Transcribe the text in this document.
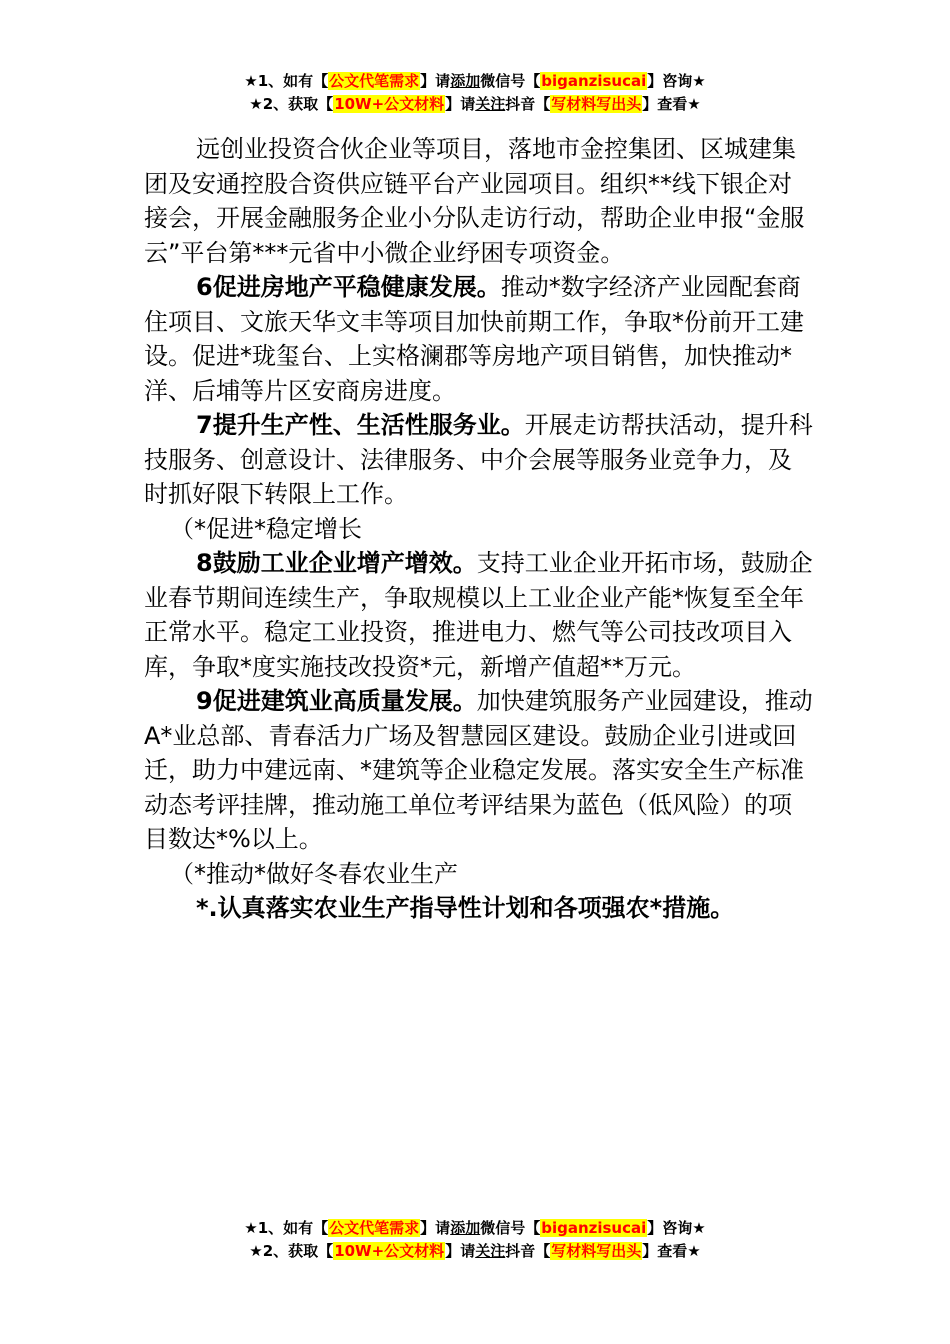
★1、如有【公文代笔需求】请添加微信号【biganzisucai】咨询★
★2、获取【10W+公文材料】请关注抖音【写材料写出头】查看★

远创业投资合伙企业等项目，落地市金控集团、区城建集团及安通控股合资供应链平台产业园项目。组织**线下银企对接会，开展金融服务企业小分队走访行动，帮助企业申报“金服云”平台第***元省中小微企业纾困专项资金。

6促进房地产平稳健康发展。推动*数字经济产业园配套商住项目、文旅天华文丰等项目加快前期工作，争取*份前开工建设。促进*珑玺台、上实格澜郡等房地产项目销售，加快推动*洋、后埔等片区安商房进度。

7提升生产性、生活性服务业。开展走访帮扶活动，提升科技服务、创意设计、法律服务、中介会展等服务业竞争力，及时抓好限下转限上工作。

（*促进*稳定增长

8鼓励工业企业增产增效。支持工业企业开拓市场，鼓励企业春节期间连续生产，争取规模以上工业企业产能*恢复至全年正常水平。稳定工业投资，推进电力、燃气等公司技改项目入库，争取*度实施技改投资*元，新增产值超**万元。

9促进建筑业高质量发展。加快建筑服务产业园建设，推动A*业总部、青春活力广场及智慧园区建设。鼓励企业引进或回迁，助力中建远南、*建筑等企业稳定发展。落实安全生产标准动态考评挂牌，推动施工单位考评结果为蓝色（低风险）的项目数达*%以上。

（*推动*做好冬春农业生产

*.认真落实农业生产指导性计划和各项强农*措施。

★1、如有【公文代笔需求】请添加微信号【biganzisucai】咨询★
★2、获取【10W+公文材料】请关注抖音【写材料写出头】查看★
